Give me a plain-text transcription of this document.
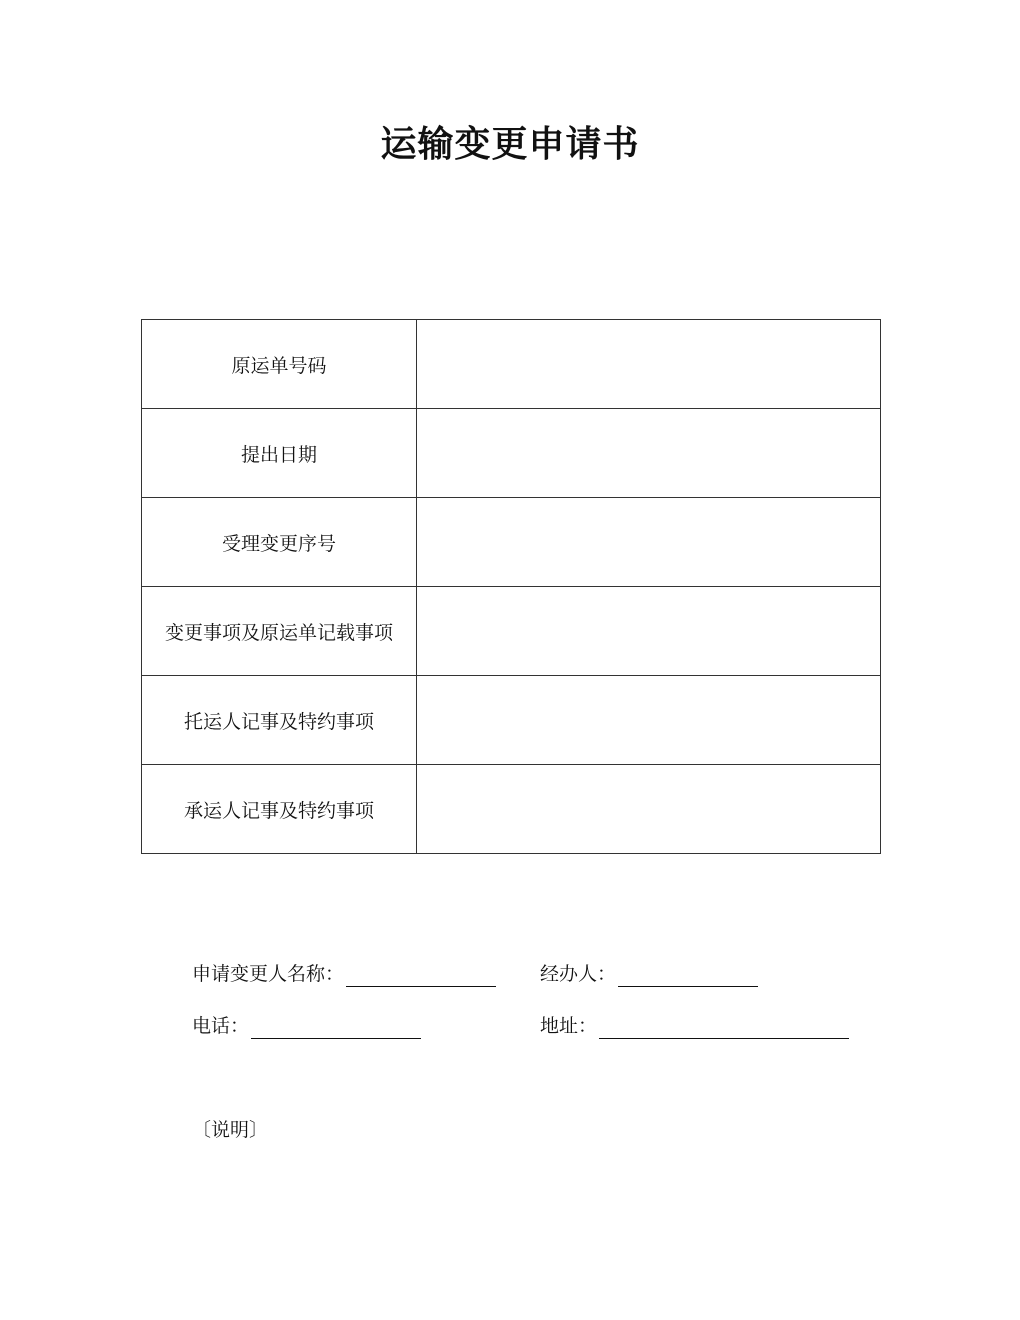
运输变更申请书
原运单号码	
提出日期	
受理变更序号	
变更事项及原运单记载事项	
托运人记事及特约事项	
承运人记事及特约事项	
申请变更人名称：	经办人：
电话：	地址：
〔说明〕
